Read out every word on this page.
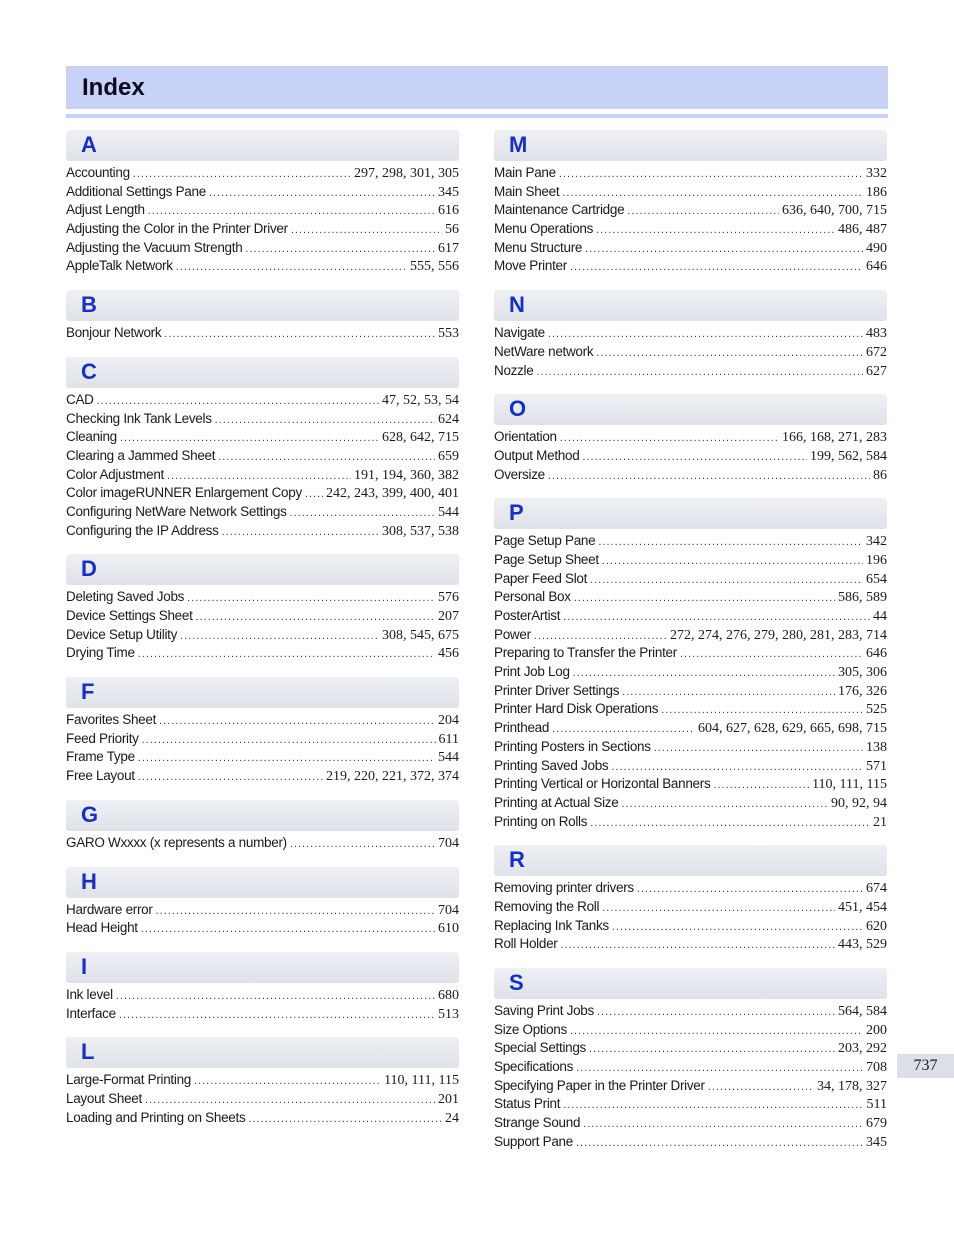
Index
A
Accounting .....	297, 298, 301, 305
Additional Settings Pane .....	345
Adjust Length .....	616
Adjusting the Color in the Printer Driver .....	56
Adjusting the Vacuum Strength .....	617
AppleTalk Network .....	555, 556
B
Bonjour Network .....	553
C
CAD .....	47, 52, 53, 54
Checking Ink Tank Levels .....	624
Cleaning .....	628, 642, 715
Clearing a Jammed Sheet .....	659
Color Adjustment .....	191, 194, 360, 382
Color imageRUNNER Enlargement Copy ..... 242, 243, 399, 400, 401
Configuring NetWare Network Settings .....	544
Configuring the IP Address .....	308, 537, 538
D
Deleting Saved Jobs .....	576
Device Settings Sheet .....	207
Device Setup Utility .....	308, 545, 675
Drying Time .....	456
F
Favorites Sheet .....	204
Feed Priority .....	611
Frame Type .....	544
Free Layout .....	219, 220, 221, 372, 374
G
GARO Wxxxx (x represents a number) .....	704
H
Hardware error .....	704
Head Height .....	610
I
Ink level .....	680
Interface .....	513
L
Large-Format Printing .....	110, 111, 115
Layout Sheet .....	201
Loading and Printing on Sheets .....	24
M
Main Pane .....	332
Main Sheet .....	186
Maintenance Cartridge .....	636, 640, 700, 715
Menu Operations .....	486, 487
Menu Structure .....	490
Move Printer .....	646
N
Navigate .....	483
NetWare network .....	672
Nozzle .....	627
O
Orientation .....	166, 168, 271, 283
Output Method .....	199, 562, 584
Oversize .....	86
P
Page Setup Pane .....	342
Page Setup Sheet .....	196
Paper Feed Slot .....	654
Personal Box .....	586, 589
PosterArtist .....	44
Power .....	272, 274, 276, 279, 280, 281, 283, 714
Preparing to Transfer the Printer .....	646
Print Job Log .....	305, 306
Printer Driver Settings .....	176, 326
Printer Hard Disk Operations .....	525
Printhead .....	604, 627, 628, 629, 665, 698, 715
Printing Posters in Sections .....	138
Printing Saved Jobs .....	571
Printing Vertical or Horizontal Banners .....	110, 111, 115
Printing at Actual Size .....	90, 92, 94
Printing on Rolls .....	21
R
Removing printer drivers .....	674
Removing the Roll .....	451, 454
Replacing Ink Tanks .....	620
Roll Holder .....	443, 529
S
Saving Print Jobs .....	564, 584
Size Options .....	200
Special Settings .....	203, 292
Specifications .....	708
Specifying Paper in the Printer Driver .....	34, 178, 327
Status Print .....	511
Strange Sound .....	679
Support Pane .....	345
737
